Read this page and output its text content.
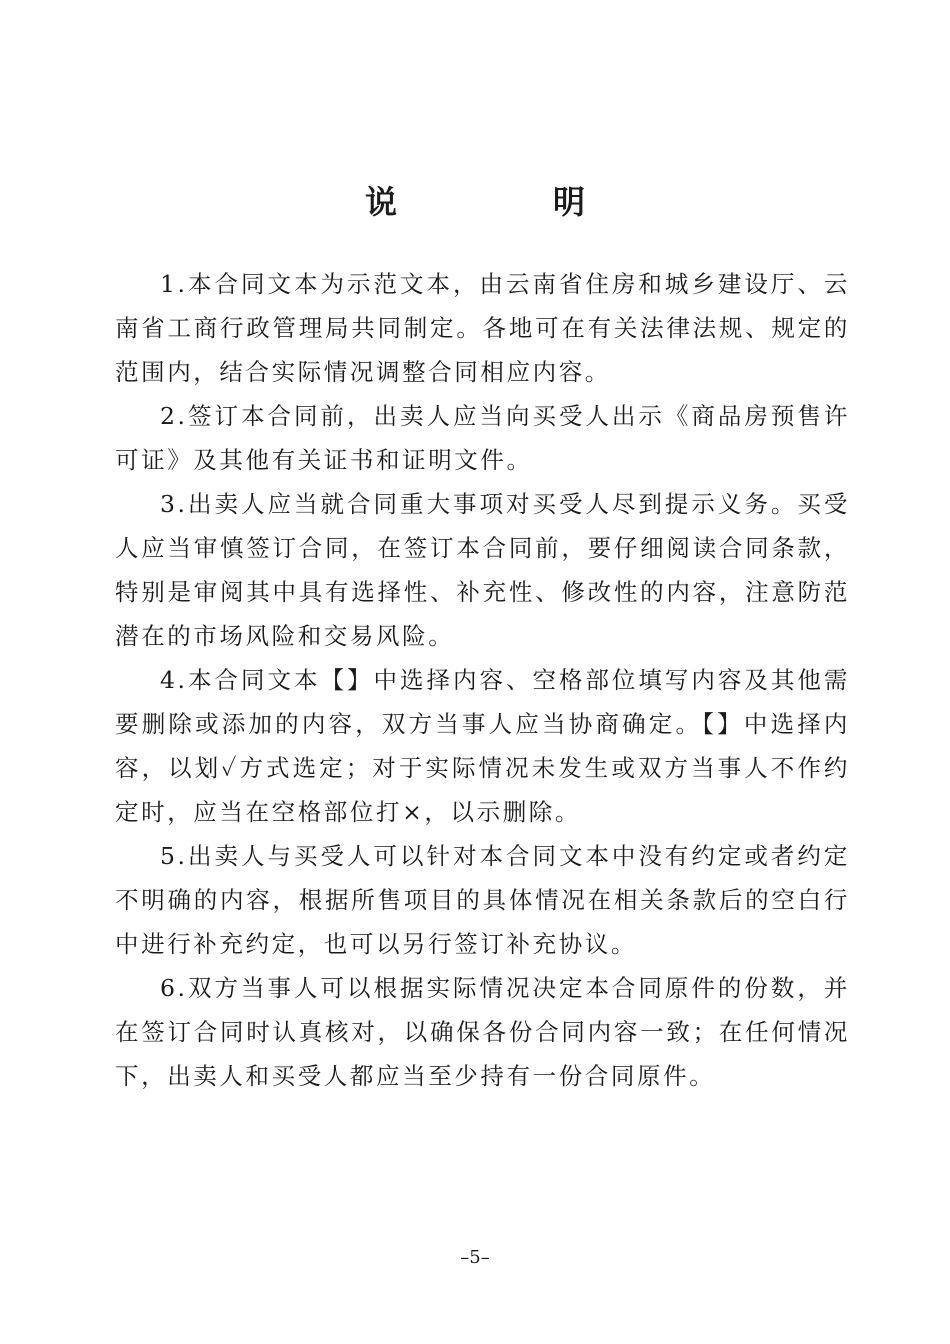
说　明

1.本合同文本为示范文本，由云南省住房和城乡建设厅、云南省工商行政管理局共同制定。各地可在有关法律法规、规定的范围内，结合实际情况调整合同相应内容。

2.签订本合同前，出卖人应当向买受人出示《商品房预售许可证》及其他有关证书和证明文件。

3.出卖人应当就合同重大事项对买受人尽到提示义务。买受人应当审慎签订合同，在签订本合同前，要仔细阅读合同条款，特别是审阅其中具有选择性、补充性、修改性的内容，注意防范潜在的市场风险和交易风险。

4.本合同文本【】中选择内容、空格部位填写内容及其他需要删除或添加的内容，双方当事人应当协商确定。【】中选择内容，以划✓方式选定；对于实际情况未发生或双方当事人不作约定时，应当在空格部位打×，以示删除。

5.出卖人与买受人可以针对本合同文本中没有约定或者约定不明确的内容，根据所售项目的具体情况在相关条款后的空白行中进行补充约定，也可以另行签订补充协议。

6.双方当事人可以根据实际情况决定本合同原件的份数，并在签订合同时认真核对，以确保各份合同内容一致；在任何情况下，出卖人和买受人都应当至少持有一份合同原件。

–5–
